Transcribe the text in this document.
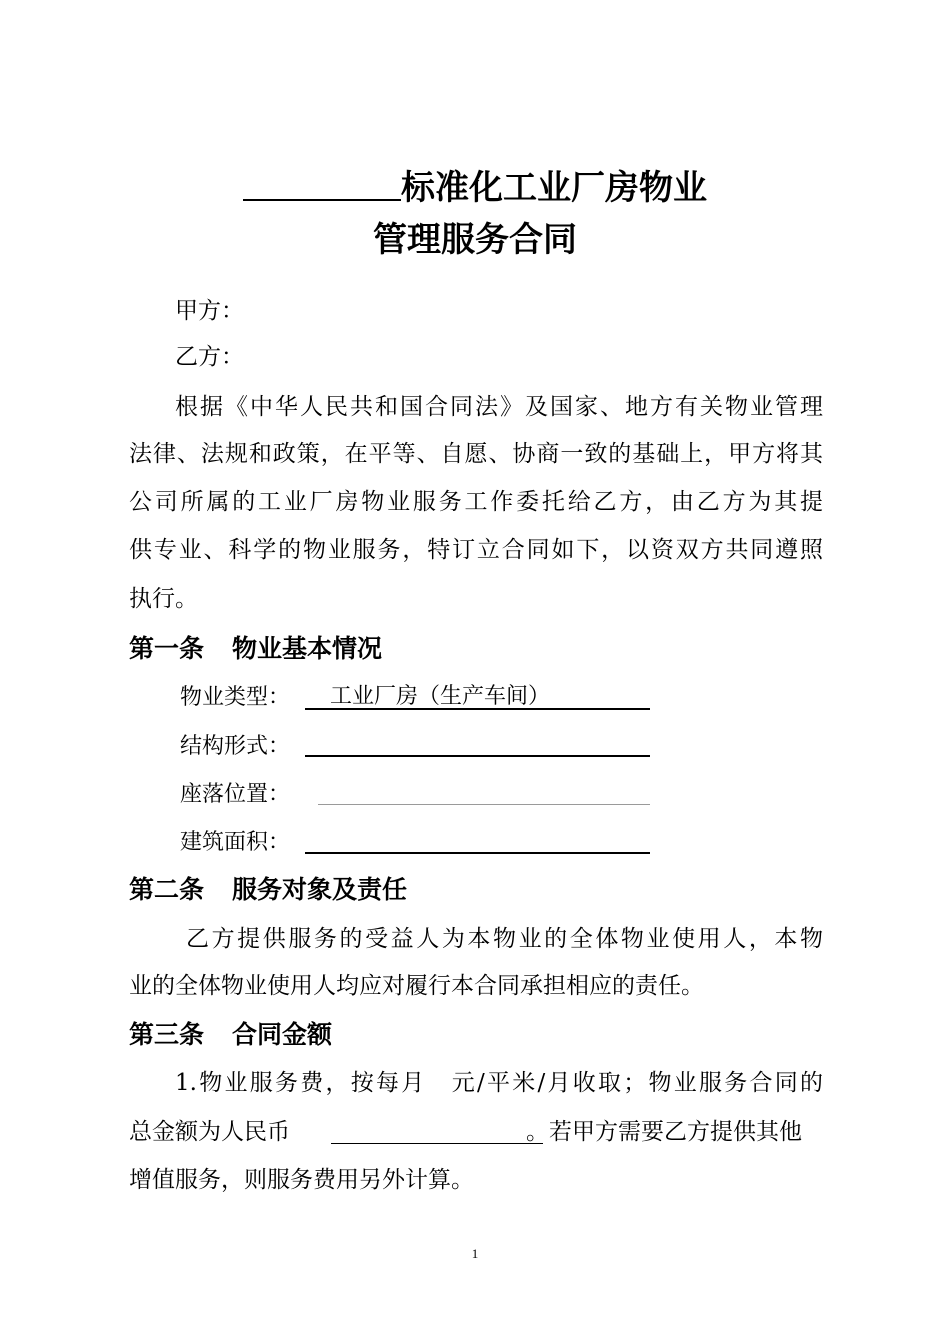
标准化工业厂房物业
管理服务合同
甲方：
乙方：
根据《中华人民共和国合同法》及国家、地方有关物业管理
法律、法规和政策，在平等、自愿、协商一致的基础上，甲方将其
公司所属的工业厂房物业服务工作委托给乙方，由乙方为其提
供专业、科学的物业服务，特订立合同如下，以资双方共同遵照
执行。
第一条 物业基本情况
物业类型： 工业厂房（生产车间）
结构形式：
座落位置：
建筑面积：
第二条 服务对象及责任
乙方提供服务的受益人为本物业的全体物业使用人，本物
业的全体物业使用人均应对履行本合同承担相应的责任。
第三条 合同金额
1.物业服务费，按每月　元/平米/月收取；物业服务合同的
总金额为人民币	。若甲方需要乙方提供其他
增值服务，则服务费用另外计算。
1
